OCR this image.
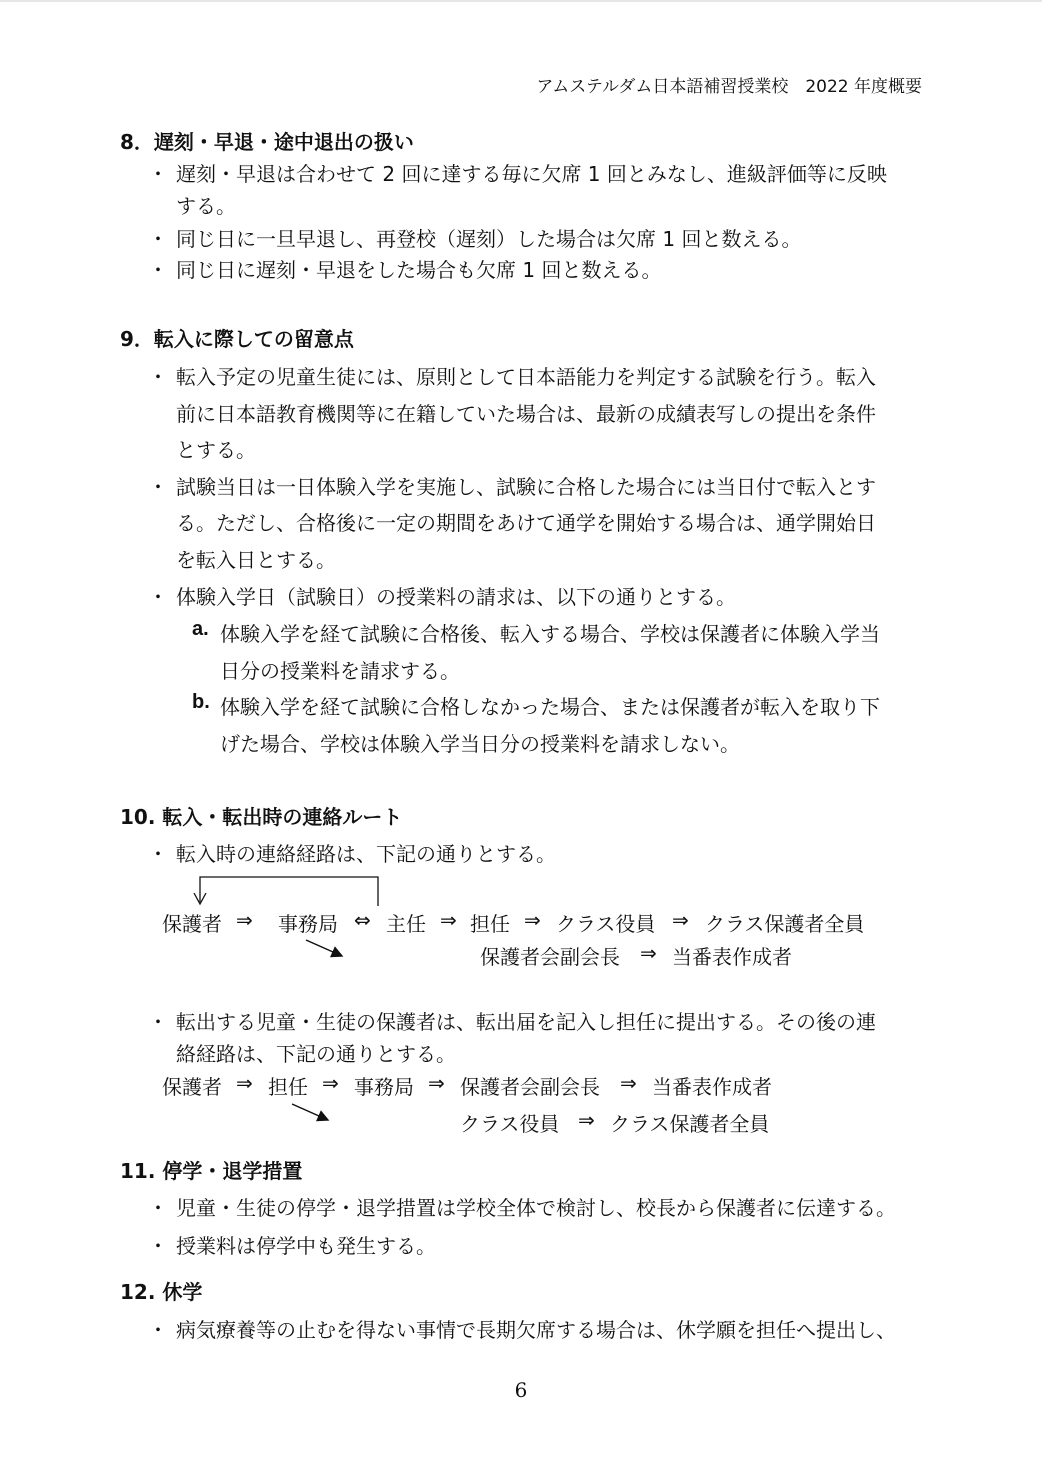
アムステルダム日本語補習授業校　2022 年度概要
8．遅刻・早退・途中退出の扱い
・ 遅刻・早退は合わせて 2 回に達する毎に欠席 1 回とみなし、進級評価等に反映
する。
・ 同じ日に一旦早退し、再登校（遅刻）した場合は欠席 1 回と数える。
・ 同じ日に遅刻・早退をした場合も欠席 1 回と数える。
9．転入に際しての留意点
・ 転入予定の児童生徒には、原則として日本語能力を判定する試験を行う。転入
前に日本語教育機関等に在籍していた場合は、最新の成績表写しの提出を条件
とする。
・ 試験当日は一日体験入学を実施し、試験に合格した場合には当日付で転入とす
る。ただし、合格後に一定の期間をあけて通学を開始する場合は、通学開始日
を転入日とする。
・ 体験入学日（試験日）の授業料の請求は、以下の通りとする。
a. 体験入学を経て試験に合格後、転入する場合、学校は保護者に体験入学当
日分の授業料を請求する。
b. 体験入学を経て試験に合格しなかった場合、または保護者が転入を取り下
げた場合、学校は体験入学当日分の授業料を請求しない。
10. 転入・転出時の連絡ルート
・ 転入時の連絡経路は、下記の通りとする。
保護者 ⇒ 事務局 ⇔ 主任 ⇒ 担任 ⇒ クラス役員 ⇒ クラス保護者全員
保護者会副会長 ⇒ 当番表作成者
・ 転出する児童・生徒の保護者は、転出届を記入し担任に提出する。その後の連
絡経路は、下記の通りとする。
保護者 ⇒ 担任 ⇒ 事務局 ⇒ 保護者会副会長 ⇒ 当番表作成者
クラス役員 ⇒ クラス保護者全員
11. 停学・退学措置
・ 児童・生徒の停学・退学措置は学校全体で検討し、校長から保護者に伝達する。
・ 授業料は停学中も発生する。
12. 休学
・ 病気療養等の止むを得ない事情で長期欠席する場合は、休学願を担任へ提出し、
6
